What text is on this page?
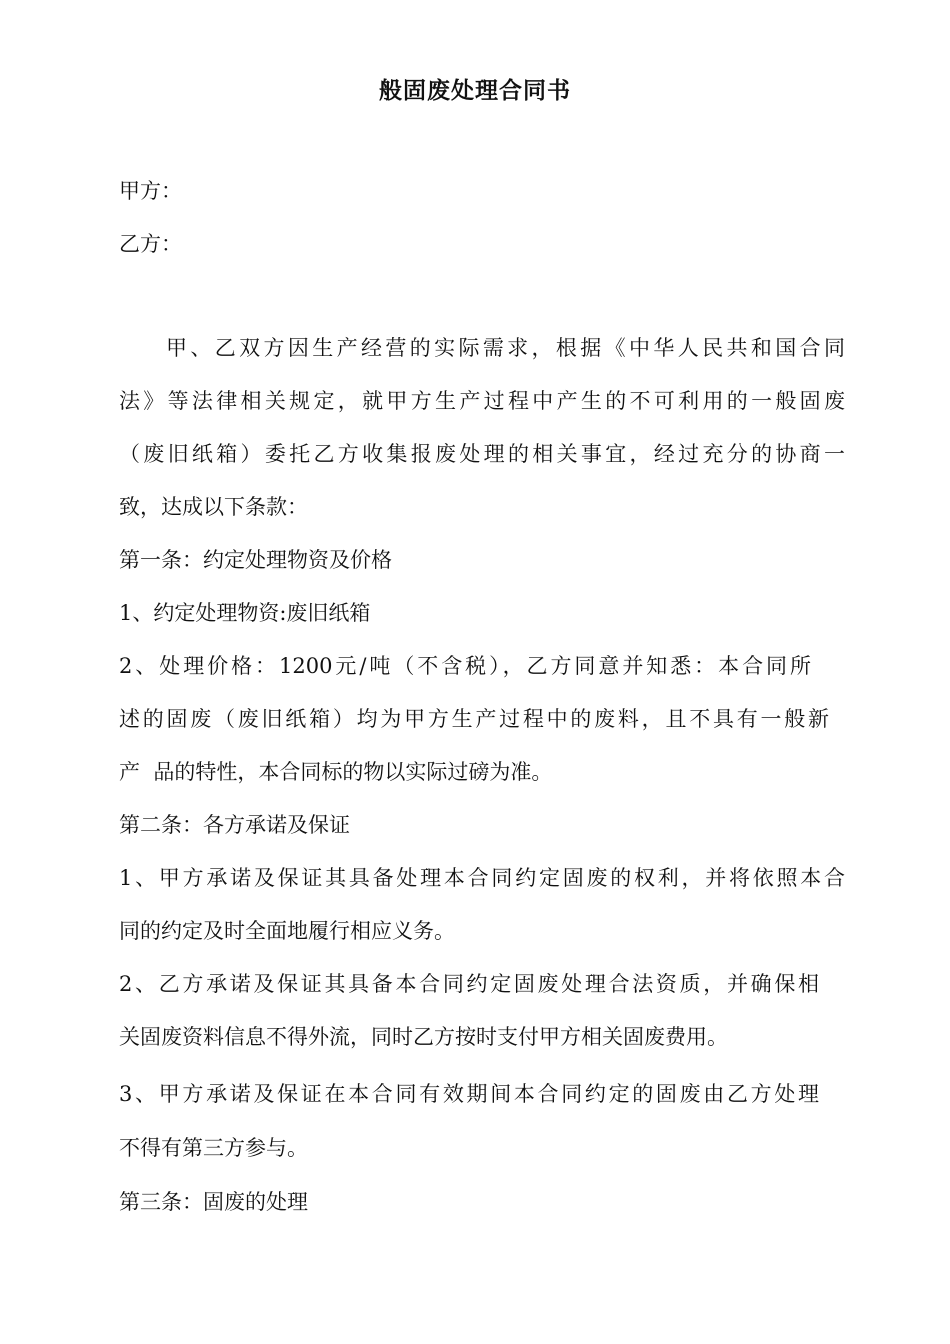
般固废处理合同书
甲方：
乙方：
甲、乙双方因生产经营的实际需求，根据《中华人民共和国合同
法》等法律相关规定，就甲方生产过程中产生的不可利用的一般固废
（废旧纸箱）委托乙方收集报废处理的相关事宜，经过充分的协商一
致，达成以下条款：
第一条：约定处理物资及价格
1、约定处理物资:废旧纸箱
2、处理价格：1200元/吨（不含税），乙方同意并知悉：本合同所
述的固废（废旧纸箱）均为甲方生产过程中的废料，且不具有一般新
产  品的特性，本合同标的物以实际过磅为准。
第二条：各方承诺及保证
1、甲方承诺及保证其具备处理本合同约定固废的权利，并将依照本合
同的约定及时全面地履行相应义务。
2、乙方承诺及保证其具备本合同约定固废处理合法资质，并确保相
关固废资料信息不得外流，同时乙方按时支付甲方相关固废费用。
3、甲方承诺及保证在本合同有效期间本合同约定的固废由乙方处理
不得有第三方参与。
第三条：固废的处理
